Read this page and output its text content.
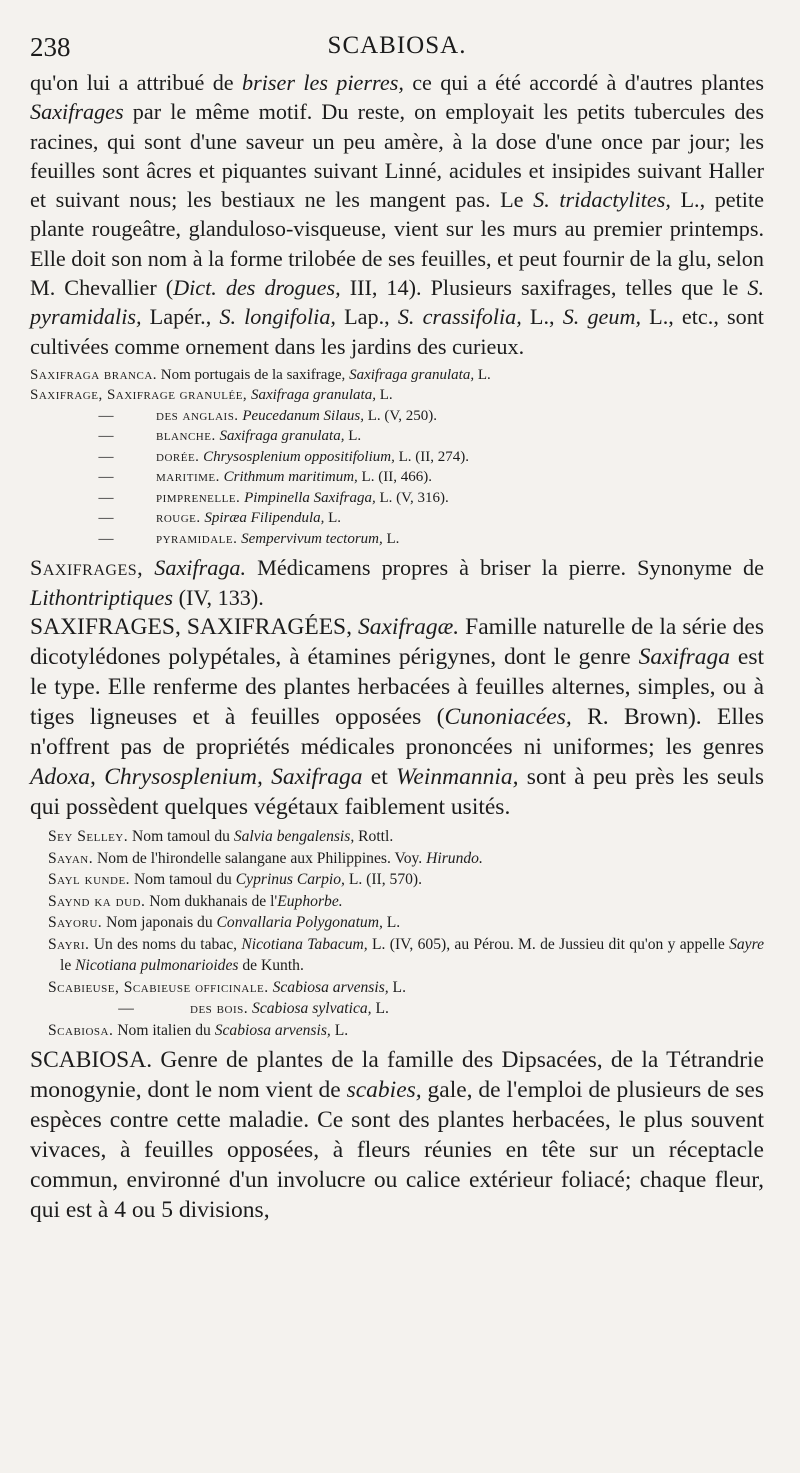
238	SCABIOSA.

qu'on lui a attribué de briser les pierres, ce qui a été accordé à d'autres plantes Saxifrages par le même motif. Du reste, on employait les petits tubercules des racines, qui sont d'une saveur un peu amère, à la dose d'une once par jour; les feuilles sont âcres et piquantes suivant Linné, acidules et insipides suivant Haller et suivant nous; les bestiaux ne les mangent pas. Le S. tridactylites, L., petite plante rougeâtre, glanduloso-visqueuse, vient sur les murs au premier printemps. Elle doit son nom à la forme trilobée de ses feuilles, et peut fournir de la glu, selon M. Chevallier (Dict. des drogues, III, 14). Plusieurs saxifrages, telles que le S. pyramidalis, Lapér., S. longifolia, Lap., S. crassifolia, L., S. geum, L., etc., sont cultivées comme ornement dans les jardins des curieux.

Saxifraga branca. Nom portugais de la saxifrage, Saxifraga granulata, L.

Saxifrage, Saxifrage granulée, Saxifraga granulata, L.

—	des anglais. Peucedanum Silaus, L. (V, 250).

—	blanche. Saxifraga granulata, L.

—	dorée. Chrysosplenium oppositifolium, L. (II, 274).

—	maritime. Crithmum maritimum, L. (II, 466).

—	pimprenelle. Pimpinella Saxifraga, L. (V, 316).

—	rouge. Spiræa Filipendula, L.

—	pyramidale. Sempervivum tectorum, L.

Saxifrages, Saxifraga. Médicamens propres à briser la pierre. Synonyme de Lithontriptiques (IV, 133).

SAXIFRAGES, SAXIFRAGÉES, Saxifragæ. Famille naturelle de la série des dicotylédones polypétales, à étamines périgynes, dont le genre Saxifraga est le type. Elle renferme des plantes herbacées à feuilles alternes, simples, ou à tiges ligneuses et à feuilles opposées (Cunoniacées, R. Brown). Elles n'offrent pas de propriétés médicales prononcées ni uniformes; les genres Adoxa, Chrysosplenium, Saxifraga et Weinmannia, sont à peu près les seuls qui possèdent quelques végétaux faiblement usités.

Sey Selley. Nom tamoul du Salvia bengalensis, Rottl.

Sayan. Nom de l'hirondelle salangane aux Philippines. Voy. Hirundo.

Sayl kunde. Nom tamoul du Cyprinus Carpio, L. (II, 570).

Saynd ka dud. Nom dukhanais de l'Euphorbe.

Sayoru. Nom japonais du Convallaria Polygonatum, L.

Sayri. Un des noms du tabac, Nicotiana Tabacum, L. (IV, 605), au Pérou. M. de Jussieu dit qu'on y appelle Sayre le Nicotiana pulmonarioides de Kunth.

Scabieuse, Scabieuse officinale. Scabiosa arvensis, L.

—	des bois. Scabiosa sylvatica, L.

Scabiosa. Nom italien du Scabiosa arvensis, L.

SCABIOSA. Genre de plantes de la famille des Dipsacées, de la Tétrandrie monogynie, dont le nom vient de scabies, gale, de l'emploi de plusieurs de ses espèces contre cette maladie. Ce sont des plantes herbacées, le plus souvent vivaces, à feuilles opposées, à fleurs réunies en tête sur un réceptacle commun, environné d'un involucre ou calice extérieur foliacé; chaque fleur, qui est à 4 ou 5 divisions,
